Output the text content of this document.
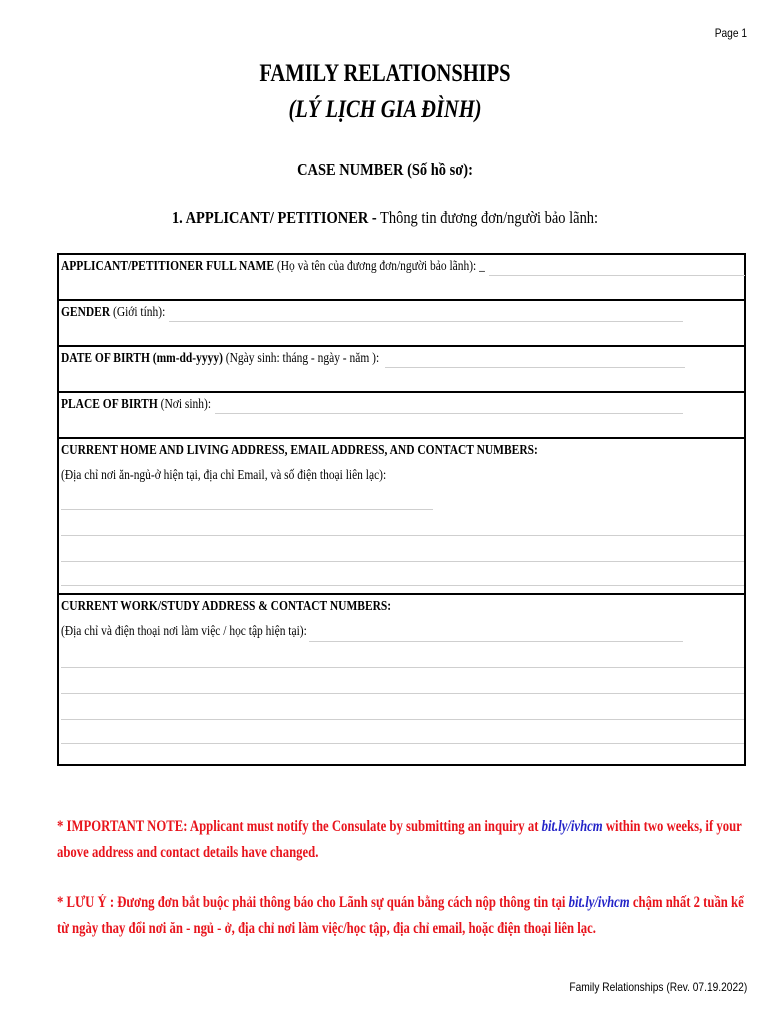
Page 1
FAMILY RELATIONSHIPS
(LÝ LỊCH GIA ĐÌNH)
CASE NUMBER (Số hồ sơ):
1. APPLICANT/ PETITIONER - Thông tin đương đơn/người bảo lãnh:
APPLICANT/PETITIONER FULL NAME (Họ và tên của đương đơn/người bảo lãnh): _
GENDER (Giới tính):
DATE OF BIRTH (mm-dd-yyyy) (Ngày sinh: tháng - ngày - năm ):
PLACE OF BIRTH (Nơi sinh):
CURRENT HOME AND LIVING ADDRESS, EMAIL ADDRESS, AND CONTACT NUMBERS:
(Địa chỉ nơi ăn-ngủ-ở hiện tại, địa chỉ Email, và số điện thoại liên lạc):
CURRENT WORK/STUDY ADDRESS & CONTACT NUMBERS:
(Địa chỉ và điện thoại nơi làm việc / học tập hiện tại):
* IMPORTANT NOTE: Applicant must notify the Consulate by submitting an inquiry at bit.ly/ivhcm within two weeks, if your above address and contact details have changed.
* LƯU Ý : Đương đơn bắt buộc phải thông báo cho Lãnh sự quán bằng cách nộp thông tin tại bit.ly/ivhcm chậm nhất 2 tuần kể từ ngày thay đổi nơi ăn - ngủ - ở, địa chỉ nơi làm việc/học tập, địa chỉ email, hoặc điện thoại liên lạc.
Family Relationships (Rev. 07.19.2022)
